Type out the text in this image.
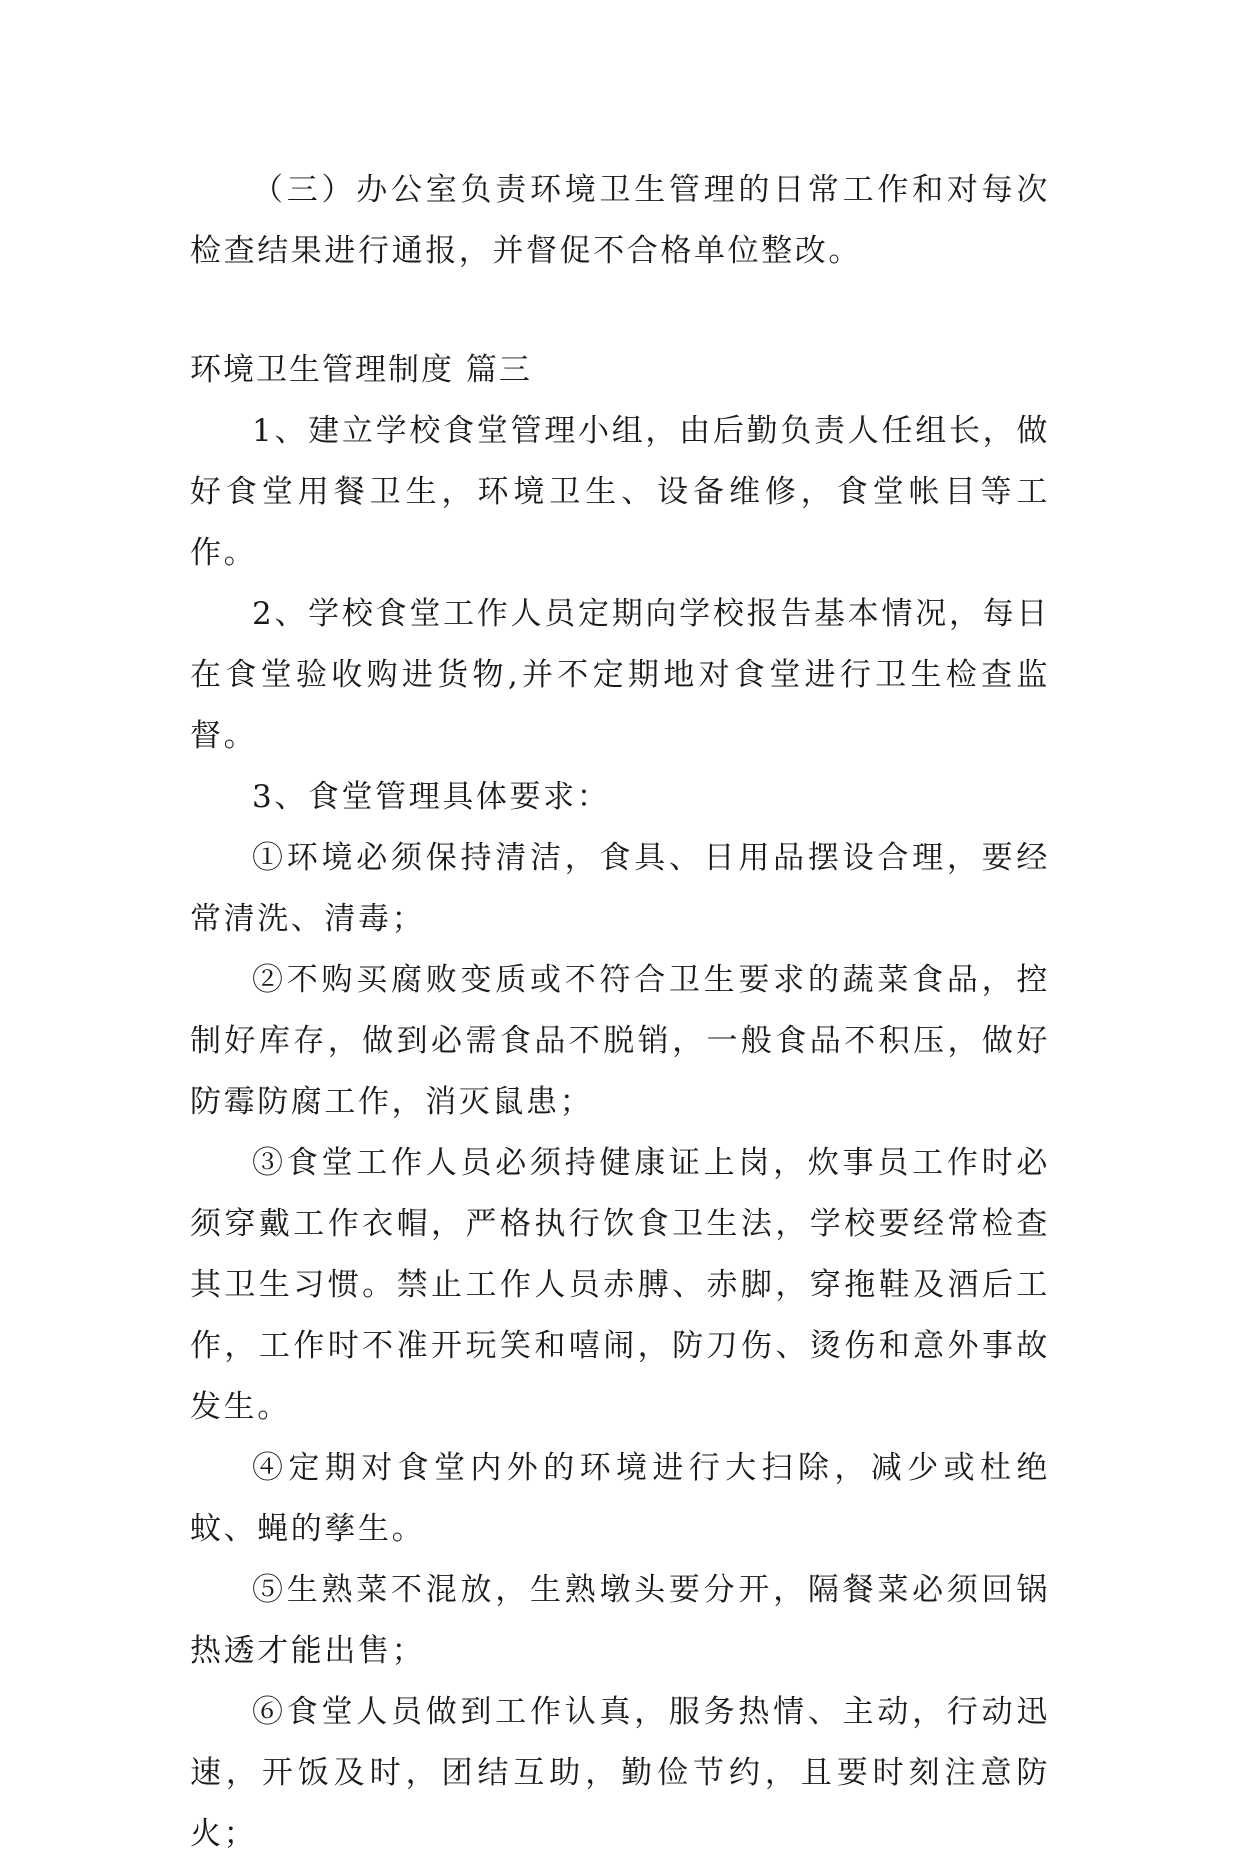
（三）办公室负责环境卫生管理的日常工作和对每次检查结果进行通报，并督促不合格单位整改。

环境卫生管理制度 篇三

1、建立学校食堂管理小组，由后勤负责人任组长，做好食堂用餐卫生，环境卫生、设备维修，食堂帐目等工作。

2、学校食堂工作人员定期向学校报告基本情况，每日在食堂验收购进货物,并不定期地对食堂进行卫生检查监督。

3、食堂管理具体要求：

①环境必须保持清洁，食具、日用品摆设合理，要经常清洗、清毒；

②不购买腐败变质或不符合卫生要求的蔬菜食品，控制好库存，做到必需食品不脱销，一般食品不积压，做好防霉防腐工作，消灭鼠患；

③食堂工作人员必须持健康证上岗，炊事员工作时必须穿戴工作衣帽，严格执行饮食卫生法，学校要经常检查其卫生习惯。禁止工作人员赤膊、赤脚，穿拖鞋及酒后工作，工作时不准开玩笑和嘻闹，防刀伤、烫伤和意外事故发生。

④定期对食堂内外的环境进行大扫除，减少或杜绝蚊、蝇的孳生。

⑤生熟菜不混放，生熟墩头要分开，隔餐菜必须回锅热透才能出售；

⑥食堂人员做到工作认真，服务热情、主动，行动迅速，开饭及时，团结互助，勤俭节约，且要时刻注意防火；
